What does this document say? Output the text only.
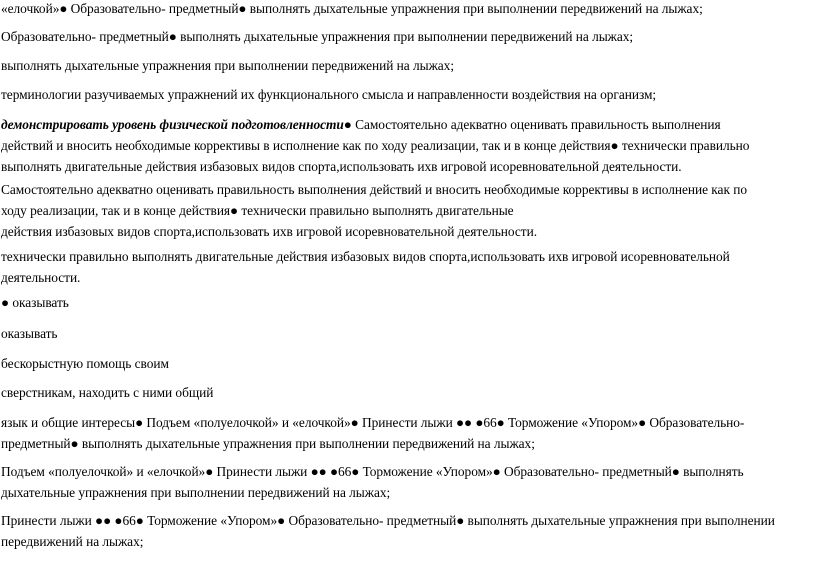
«елочкой»● Образовательно- предметный● выполнять дыхательные упражнения при выполнении передвижений на лыжах;

Образовательно- предметный● выполнять дыхательные упражнения при выполнении передвижений на лыжах;

выполнять дыхательные упражнения при выполнении передвижений на лыжах;

терминологии разучиваемых упражнений их функционального смысла и направленности воздействия на организм;

демонстрировать уровень физической подготовленности● Самостоятельно адекватно оценивать правильность выполнения
действий и вносить необходимые коррективы в исполнение как по ходу реализации, так и в конце действия● технически правильно
выполнять двигательные действия избазовых видов спорта,использовать ихв игровой исоревновательной деятельности.

Самостоятельно адекватно оценивать правильность выполнения действий и вносить необходимые коррективы в исполнение как по
ходу реализации, так и в конце действия● технически правильно выполнять двигательные
действия избазовых видов спорта,использовать ихв игровой исоревновательной деятельности.

технически правильно выполнять двигательные действия избазовых видов спорта,использовать ихв игровой исоревновательной
деятельности.

● оказывать

оказывать

бескорыстную помощь своим

сверстникам, находить с ними общий

язык и общие интересы● Подъем «полуелочкой» и «елочкой»● Принести лыжи ●● ●66● Торможение «Упором»● Образовательно-
предметный● выполнять дыхательные упражнения при выполнении передвижений на лыжах;

Подъем «полуелочкой» и «елочкой»● Принести лыжи ●● ●66● Торможение «Упором»● Образовательно- предметный● выполнять
дыхательные упражнения при выполнении передвижений на лыжах;

Принести лыжи ●● ●66● Торможение «Упором»● Образовательно- предметный● выполнять дыхательные упражнения при выполнении
передвижений на лыжах;
